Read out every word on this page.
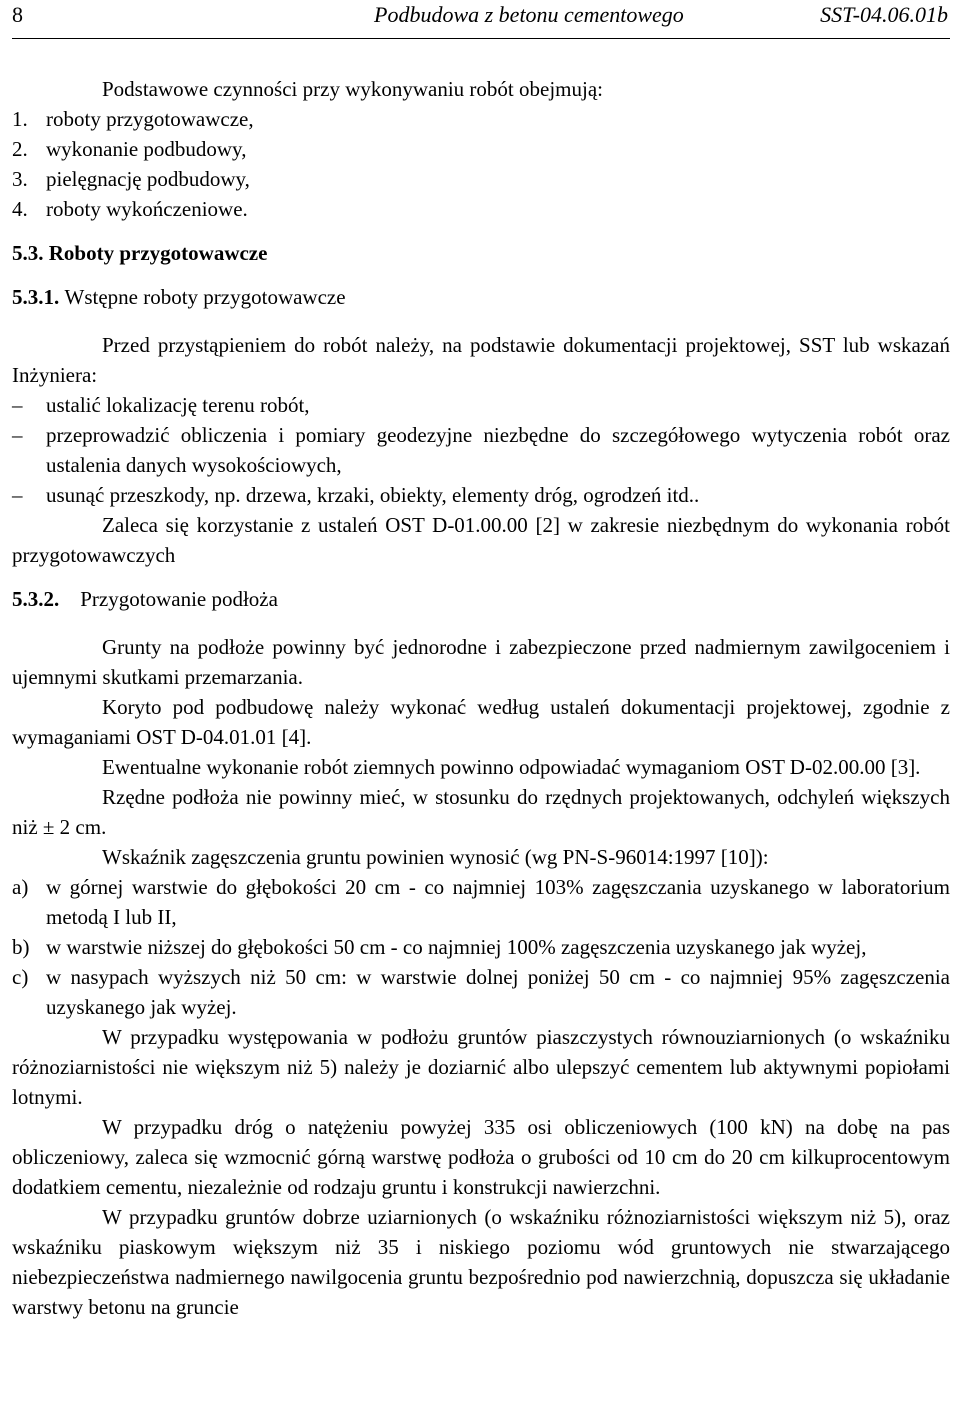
8	Podbudowa z betonu cementowego	SST-04.06.01b

Podstawowe czynności przy wykonywaniu robót obejmują:

1. roboty przygotowawcze,
2. wykonanie podbudowy,
3. pielęgnację podbudowy,
4. roboty wykończeniowe.

5.3. Roboty przygotowawcze

5.3.1. Wstępne roboty przygotowawcze

Przed przystąpieniem do robót należy, na podstawie dokumentacji projektowej, SST lub wskazań Inżyniera:

– ustalić lokalizację terenu robót,
– przeprowadzić obliczenia i pomiary geodezyjne niezbędne do szczegółowego wytyczenia robót oraz ustalenia danych wysokościowych,
– usunąć przeszkody, np. drzewa, krzaki, obiekty, elementy dróg, ogrodzeń itd..

Zaleca się korzystanie z ustaleń OST D-01.00.00 [2] w zakresie niezbędnym do wykonania robót przygotowawczych

5.3.2. Przygotowanie podłoża

Grunty na podłoże powinny być jednorodne i zabezpieczone przed nadmiernym zawilgoceniem i ujemnymi skutkami przemarzania.

Koryto pod podbudowę należy wykonać według ustaleń dokumentacji projektowej, zgodnie z wymaganiami OST D-04.01.01 [4].

Ewentualne wykonanie robót ziemnych powinno odpowiadać wymaganiom OST D-02.00.00 [3].

Rzędne podłoża nie powinny mieć, w stosunku do rzędnych projektowanych, odchyleń większych niż ± 2 cm.

Wskaźnik zagęszczenia gruntu powinien wynosić (wg PN-S-96014:1997 [10]):

a) w górnej warstwie do głębokości 20 cm - co najmniej 103% zagęszczania uzyskanego w laboratorium metodą I lub II,
b) w warstwie niższej do głębokości 50 cm - co najmniej 100% zagęszczenia uzyskanego jak wyżej,
c) w nasypach wyższych niż 50 cm: w warstwie dolnej poniżej 50 cm - co najmniej 95% zagęszczenia uzyskanego jak wyżej.

W przypadku występowania w podłożu gruntów piaszczystych równouziarnionych (o wskaźniku różnoziarnistości nie większym niż 5) należy je doziarnić albo ulepszyć cementem lub aktywnymi popiołami lotnymi.

W przypadku dróg o natężeniu powyżej 335 osi obliczeniowych (100 kN) na dobę na pas obliczeniowy, zaleca się wzmocnić górną warstwę podłoża o grubości od 10 cm do 20 cm kilkuprocentowym dodatkiem cementu, niezależnie od rodzaju gruntu i konstrukcji nawierzchni.

W przypadku gruntów dobrze uziarnionych (o wskaźniku różnoziarnistości większym niż 5), oraz wskaźniku piaskowym większym niż 35 i niskiego poziomu wód gruntowych nie stwarzającego niebezpieczeństwa nadmiernego nawilgocenia gruntu bezpośrednio pod nawierzchnią, dopuszcza się układanie warstwy betonu na gruncie
